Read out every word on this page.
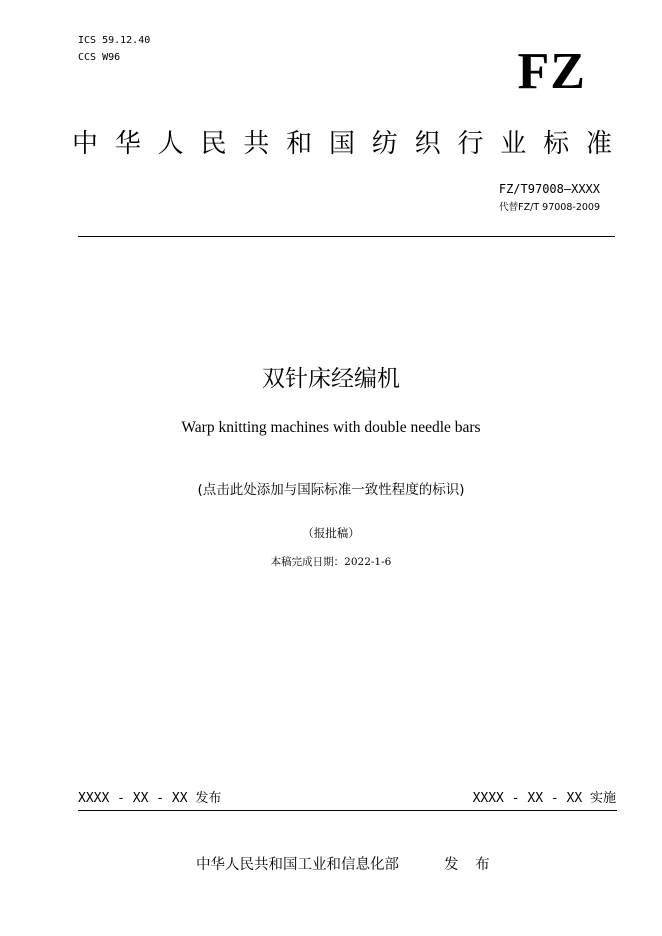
ICS 59.12.40
CCS W96	FZ
中 华 人 民 共 和 国 纺 织 行 业 标 准
FZ/T97008—XXXX
代替FZ/T 97008-2009
双针床经编机
Warp knitting machines with double needle bars
(点击此处添加与国际标准一致性程度的标识)
（报批稿）
本稿完成日期：2022-1-6
XXXX - XX - XX 发布	XXXX - XX - XX 实施
中华人民共和国工业和信息化部	发 布
